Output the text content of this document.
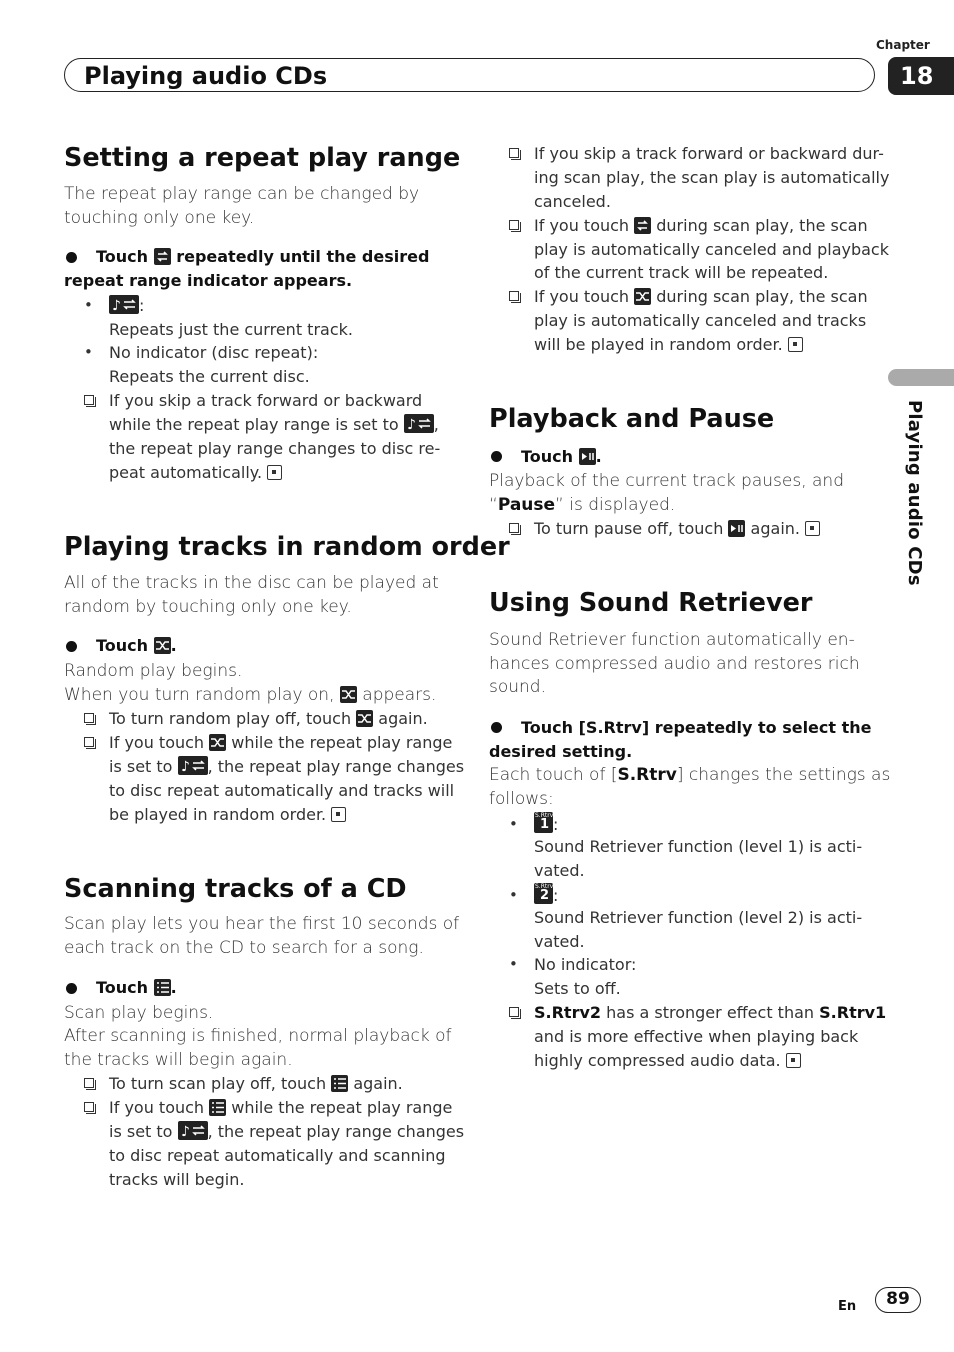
Chapter
18
Playing audio CDs
Playing audio CDs
Setting a repeat play range

The repeat play range can be changed by

touching only one key.

Touch repeatedly until the desired

repeat range indicator appears.

• ♪ :

Repeats just the current track.

• No indicator (disc repeat):

Repeats the current disc.

If you skip a track forward or backward

while the repeat play range is set to ♪ ,

the repeat play range changes to disc re-

peat automatically.

Playing tracks in random order

All of the tracks in the disc can be played at

random by touching only one key.

Touch .

Random play begins.

When you turn random play on, appears.

To turn random play off, touch again.

If you touch while the repeat play range

is set to ♪ , the repeat play range changes

to disc repeat automatically and tracks will

be played in random order.

Scanning tracks of a CD

Scan play lets you hear the first 10 seconds of

each track on the CD to search for a song.

Touch .

Scan play begins.

After scanning is finished, normal playback of

the tracks will begin again.

To turn scan play off, touch again.

If you touch while the repeat play range

is set to ♪ , the repeat play range changes

to disc repeat automatically and scanning

tracks will begin.

If you skip a track forward or backward dur-

ing scan play, the scan play is automatically

canceled.

If you touch during scan play, the scan

play is automatically canceled and playback

of the current track will be repeated.

If you touch during scan play, the scan

play is automatically canceled and tracks

will be played in random order.

Playback and Pause

Touch .

Playback of the current track pauses, and

“Pause” is displayed.

To turn pause off, touch again.

Using Sound Retriever

Sound Retriever function automatically en-

hances compressed audio and restores rich

sound.

Touch [S.Rtrv] repeatedly to select the

desired setting.

Each touch of [S.Rtrv] changes the settings as

follows:

•	S.Rtrv
1 :

Sound Retriever function (level 1) is acti-

vated.

•	S.Rtrv
2 :

Sound Retriever function (level 2) is acti-

vated.

• No indicator:

Sets to off.

S.Rtrv2 has a stronger effect than S.Rtrv1

and is more effective when playing back

highly compressed audio data.

En	89
